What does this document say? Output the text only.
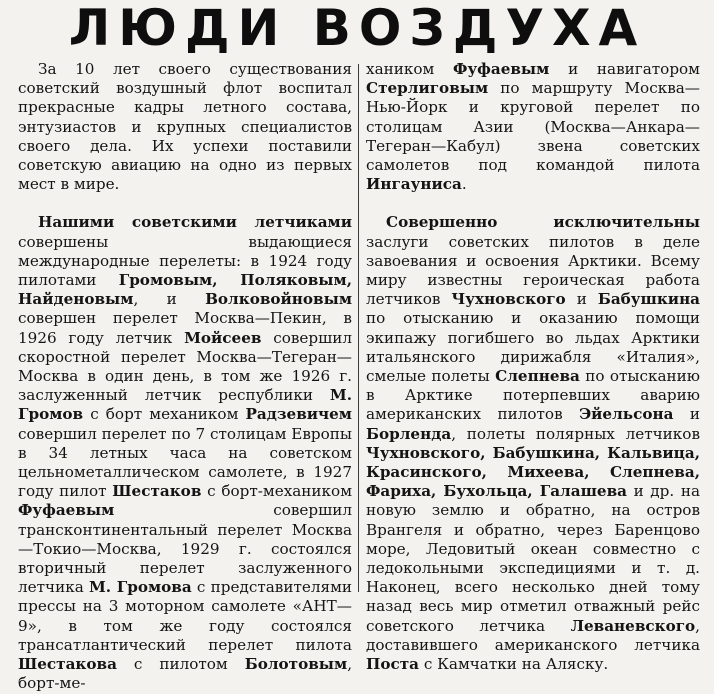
ЛЮДИ ВОЗДУХА

За 10 лет своего существования советский воздушный флот воспитал прекрасные кадры летного состава, энтузиастов и крупных специалистов своего дела. Их успехи поставили советскую авиацию на одно из первых мест в мире.

Нашими советскими летчиками совершены выдающиеся международные перелеты: в 1924 году пилотами Громовым, Поляковым, Найденовым, и Волковойновым совершен перелет Москва—Пекин, в 1926 году летчик Мойсеев совершил скоростной перелет Москва—Тегеран—Москва в один день, в том же 1926 г. заслуженный летчик республики М. Громов с борт механиком Радзевичем совершил перелет по 7 столицам Европы в 34 летных часа на советском цельнометаллическом самолете, в 1927 году пилот Шестаков с борт-механиком Фуфаевым	совершил трансконтинентальный перелет Москва—Токио—Москва, 1929 г. состоялся вторичный перелет заслуженного летчика М. Громова с представителями прессы на 3 моторном самолете «АНТ—9», в том же году состоялся трансатлантический перелет пилота Шестакова с пилотом Болотовым, борт-ме-

хаником Фуфаевым и навигатором Стерлиговым по маршруту Москва—Нью-Йорк и круговой перелет по столицам Азии (Москва—Анкара—Тегеран—Кабул) звена советских самолетов под командой пилота Ингауниса.

Совершенно исключительны заслуги советских пилотов в деле завоевания и освоения Арктики. Всему миру известны героическая работа летчиков Чухновского и Бабушкина по отысканию и оказанию помощи экипажу погибшего во льдах Арктики итальянского дирижабля «Италия», смелые полеты Слепнева по отысканию в Арктике потерпевших аварию американских пилотов Эйельсона и Борленда, полеты полярных летчиков Чухновского, Бабушкина, Кальвица, Красинского, Михеева, Слепнева, Фариха, Бухольца, Галашева и др. на новую землю и обратно, на остров Врангеля и обратно, через Баренцово море, Ледовитый океан совместно с ледокольными экспедициями и т. д. Наконец, всего несколько дней тому назад весь мир отметил отважный рейс советского летчика Леваневского, доставившего американского летчика Поста с Камчатки на Аляску.
